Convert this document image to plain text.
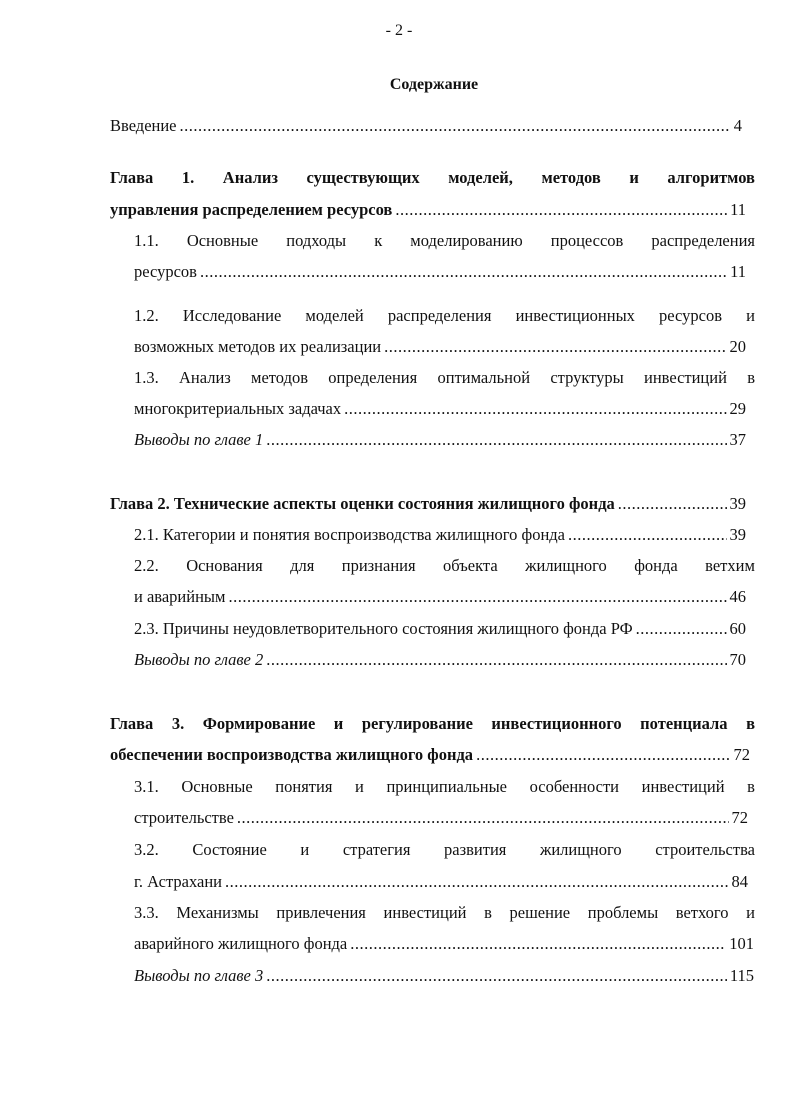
- 2 -
Содержание
Введение .....	4
Глава 1. Анализ существующих моделей, методов и алгоритмов
управления распределением ресурсов .....	11
1.1. Основные подходы к моделированию процессов распределения
ресурсов .....	11
1.2. Исследование моделей распределения инвестиционных ресурсов и
возможных методов их реализации .....	20
1.3. Анализ методов определения оптимальной структуры инвестиций в
многокритериальных задачах .....	29
Выводы по главе 1 .....	37
Глава 2. Технические аспекты оценки состояния жилищного фонда .....	39
2.1. Категории и понятия воспроизводства жилищного фонда .....	39
2.2. Основания для признания объекта жилищного фонда ветхим
и аварийным .....	46
2.3. Причины неудовлетворительного состояния жилищного фонда РФ .....	60
Выводы по главе 2 .....	70
Глава 3. Формирование и регулирование инвестиционного потенциала в
обеспечении воспроизводства жилищного фонда .....	72
3.1. Основные понятия и принципиальные особенности инвестиций в
строительстве .....	72
3.2. Состояние и стратегия развития жилищного строительства
г. Астрахани .....	84
3.3. Механизмы привлечения инвестиций в решение проблемы ветхого и
аварийного жилищного фонда .....	101
Выводы по главе 3 .....	115
